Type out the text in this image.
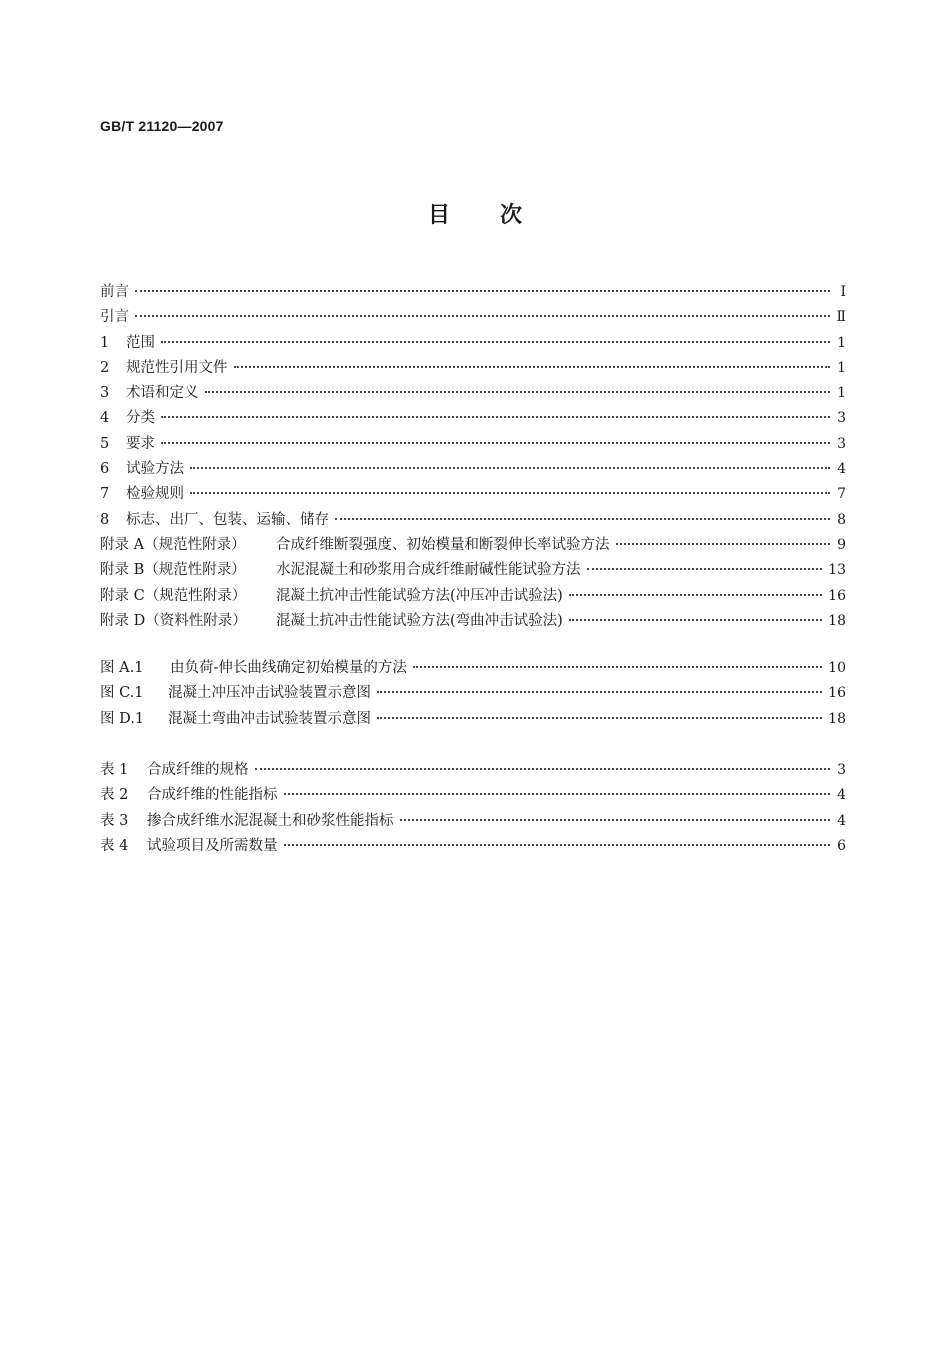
GB/T 21120—2007
目次
前言	Ⅰ
引言	Ⅱ
1 范围	1
2 规范性引用文件	1
3 术语和定义	1
4 分类	3
5 要求	3
6 试验方法	4
7 检验规则	7
8 标志、出厂、包装、运输、储存	8
附录 A（规范性附录） 合成纤维断裂强度、初始模量和断裂伸长率试验方法	9
附录 B（规范性附录） 水泥混凝土和砂浆用合成纤维耐碱性能试验方法	13
附录 C（规范性附录） 混凝土抗冲击性能试验方法(冲压冲击试验法)	16
附录 D（资料性附录） 混凝土抗冲击性能试验方法(弯曲冲击试验法)	18
图 A.1 由负荷-伸长曲线确定初始模量的方法	10
图 C.1 混凝土冲压冲击试验装置示意图	16
图 D.1 混凝土弯曲冲击试验装置示意图	18
表 1 合成纤维的规格	3
表 2 合成纤维的性能指标	4
表 3 掺合成纤维水泥混凝土和砂浆性能指标	4
表 4 试验项目及所需数量	6
